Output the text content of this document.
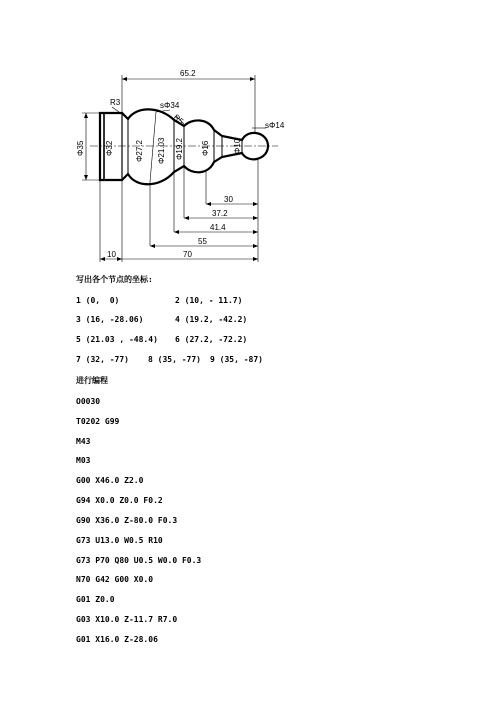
65.2
R3	sΦ34
R5	sΦ14
30
37.2
41.4
55
10	70
Φ35	Φ32	Φ27.2 Φ21.03 Φ19.2 Φ16	Φ10
写出各个节点的坐标:
1 (0,  0)	2 (10, - 11.7)
3 (16, -28.06)	4 (19.2, -42.2)
5 (21.03 , -48.4) 6 (27.2, -72.2)
7 (32, -77) 8 (35, -77) 9 (35, -87)
进行编程
O0030
T0202 G99
M43
M03
G00 X46.0 Z2.0
G94 X0.0 Z0.0 F0.2
G90 X36.0 Z-80.0 F0.3
G73 U13.0 W0.5 R10
G73 P70 Q80 U0.5 W0.0 F0.3
N70 G42 G00 X0.0
G01 Z0.0
G03 X10.0 Z-11.7 R7.0
G01 X16.0 Z-28.06
